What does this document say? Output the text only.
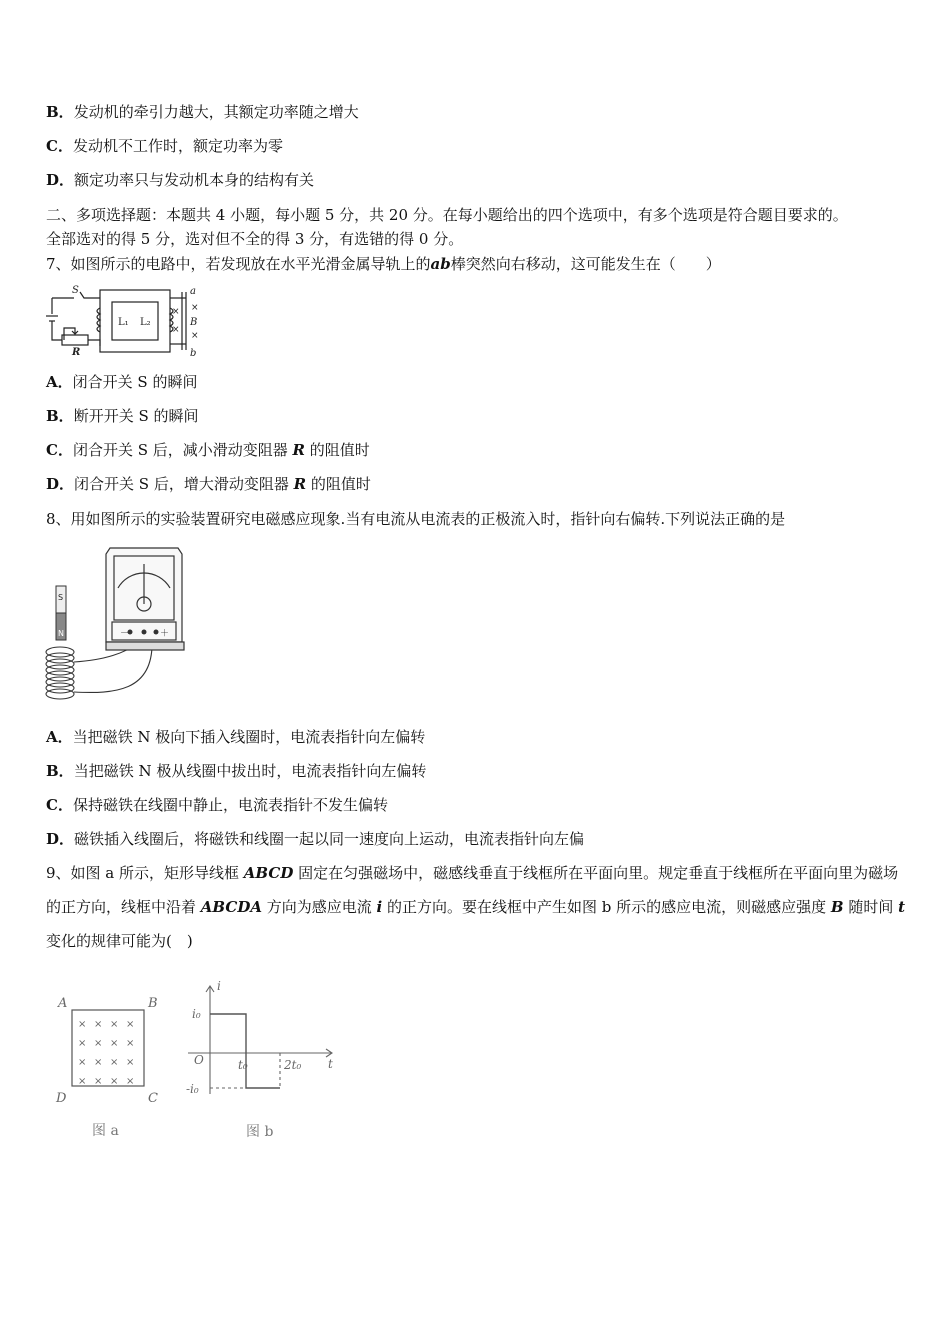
B．发动机的牵引力越大，其额定功率随之增大
C．发动机不工作时，额定功率为零
D．额定功率只与发动机本身的结构有关
二、多项选择题：本题共 4 小题，每小题 5 分，共 20 分。在每小题给出的四个选项中，有多个选项是符合题目要求的。
全部选对的得 5 分，选对但不全的得 3 分，有选错的得 0 分。
7、如图所示的电路中，若发现放在水平光滑金属导轨上的ab棒突然向右移动，这可能发生在（　　）
S
L₁ L₂
R
a
b
B
×
×
×
×
A．闭合开关 S 的瞬间
B．断开开关 S 的瞬间
C．闭合开关 S 后，减小滑动变阻器 R 的阻值时
D．闭合开关 S 后，增大滑动变阻器 R 的阻值时
8、用如图所示的实验装置研究电磁感应现象.当有电流从电流表的正极流入时，指针向右偏转.下列说法正确的是
S
N	－	＋
A．当把磁铁 N 极向下插入线圈时，电流表指针向左偏转
B．当把磁铁 N 极从线圈中拔出时，电流表指针向左偏转
C．保持磁铁在线圈中静止，电流表指针不发生偏转
D．磁铁插入线圈后，将磁铁和线圈一起以同一速度向上运动，电流表指针向左偏
9、如图 a 所示，矩形导线框 ABCD 固定在匀强磁场中，磁感线垂直于线框所在平面向里。规定垂直于线框所在平面向里为磁场的正方向，线框中沿着 ABCDA 方向为感应电流 i 的正方向。要在线框中产生如图 b 所示的感应电流，则磁感应强度 B 随时间 t 变化的规律可能为(　)
× × × ×
× × × ×
× × × ×
× × × ×
A	B
C
D
图 a
i
t
O
i₀
-i₀
t₀	2t₀
图 b
